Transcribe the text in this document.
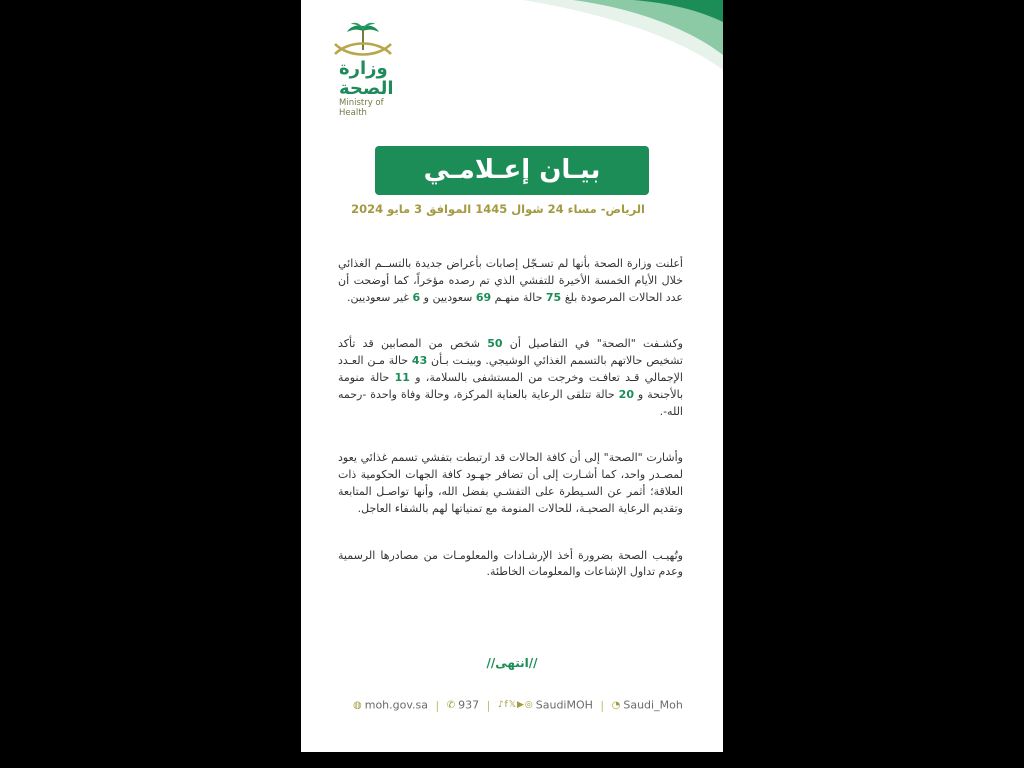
وزارة الصحة
Ministry of Health
بيـان إعـلامـي
الرياض- مساء 24 شوال 1445 الموافق 3 مايو 2024

أعلنت وزارة الصحة بأنها لم تسـجّل إصابات بأعراض جديدة بالتســم الغذائي خلال الأيام الخمسة الأخيرة للتفشي الذي تم رصده مؤخراً، كما أوضحت أن عدد الحالات المرصودة بلغ 75 حالة منهـم 69 سعوديين و 6 غير سعوديين.

وكشـفت "الصحة" في التفاصيل أن 50 شخص من المصابين قد تأكد تشخيص حالاتهم بالتسمم الغذائي الوشيجي. وبينـت بـأن 43 حالة مـن العـدد الإجمالي قـد تعافـت وخرجت من المستشفى بالسلامة، و 11 حالة منومة بالأجنحة و 20 حالة تتلقى الرعاية بالعناية المركزة، وحالة وفاة واحدة -رحمه الله-.

وأشارت "الصحة" إلى أن كافة الحالات قد ارتبطت بتفشي تسمم غذائي يعود لمصـدر واحد، كما أشـارت إلى أن تضافر جهـود كافة الجهات الحكومية ذات العلاقة؛ أثمر عن السـيطرة على التفشـي بفضل الله، وأنها تواصـل المتابعة وتقديم الرعاية الصحيـة، للحالات المنومة مع تمنياتها لهم بالشفاء العاجل.

وتُهيـب الصحة بضرورة أخذ الإرشـادات والمعلومـات من مصادرها الرسمية وعدم تداول الإشاعات والمعلومات الخاطئة.

//انتهى//
◍ moh.gov.sa | ✆ 937 | ♪f𝕏▶◎ SaudiMOH | ◔ Saudi_Moh
